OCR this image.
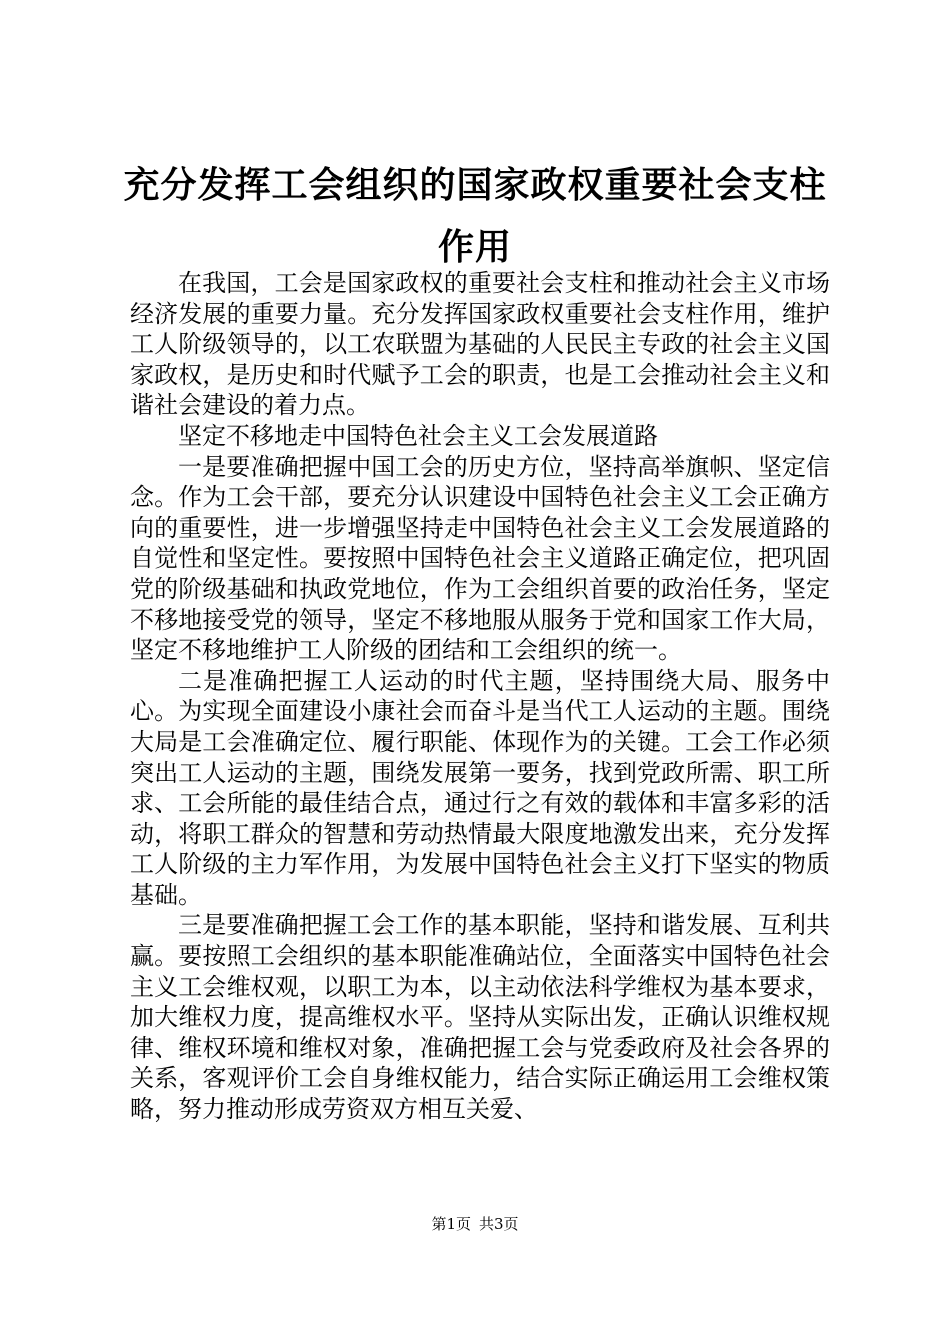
充分发挥工会组织的国家政权重要社会支柱作用

在我国，工会是国家政权的重要社会支柱和推动社会主义市场经济发展的重要力量。充分发挥国家政权重要社会支柱作用，维护工人阶级领导的，以工农联盟为基础的人民民主专政的社会主义国家政权，是历史和时代赋予工会的职责，也是工会推动社会主义和谐社会建设的着力点。

坚定不移地走中国特色社会主义工会发展道路

一是要准确把握中国工会的历史方位，坚持高举旗帜、坚定信念。作为工会干部，要充分认识建设中国特色社会主义工会正确方向的重要性，进一步增强坚持走中国特色社会主义工会发展道路的自觉性和坚定性。要按照中国特色社会主义道路正确定位，把巩固党的阶级基础和执政党地位，作为工会组织首要的政治任务，坚定不移地接受党的领导，坚定不移地服从服务于党和国家工作大局，坚定不移地维护工人阶级的团结和工会组织的统一。

二是准确把握工人运动的时代主题，坚持围绕大局、服务中心。为实现全面建设小康社会而奋斗是当代工人运动的主题。围绕大局是工会准确定位、履行职能、体现作为的关键。工会工作必须突出工人运动的主题，围绕发展第一要务，找到党政所需、职工所求、工会所能的最佳结合点，通过行之有效的载体和丰富多彩的活动，将职工群众的智慧和劳动热情最大限度地激发出来，充分发挥工人阶级的主力军作用，为发展中国特色社会主义打下坚实的物质基础。

三是要准确把握工会工作的基本职能，坚持和谐发展、互利共赢。要按照工会组织的基本职能准确站位，全面落实中国特色社会主义工会维权观，以职工为本，以主动依法科学维权为基本要求，加大维权力度，提高维权水平。坚持从实际出发，正确认识维权规律、维权环境和维权对象，准确把握工会与党委政府及社会各界的关系，客观评价工会自身维权能力，结合实际正确运用工会维权策略，努力推动形成劳资双方相互关爱、

第1页 共3页
